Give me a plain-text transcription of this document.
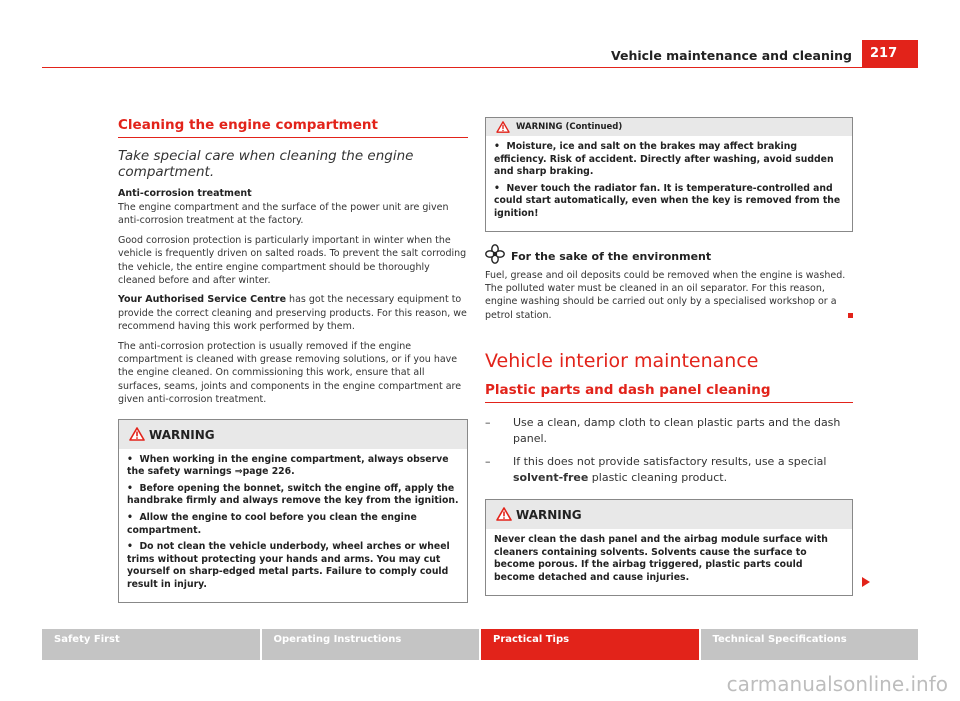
Vehicle maintenance and cleaning	217
Cleaning the engine compartment
Take special care when cleaning the engine compartment.
Anti-corrosion treatment

The engine compartment and the surface of the power unit are given anti-corrosion treatment at the factory.

Good corrosion protection is particularly important in winter when the vehicle is frequently driven on salted roads. To prevent the salt corroding the vehicle, the entire engine compartment should be thoroughly cleaned before and after winter.

Your Authorised Service Centre has got the necessary equipment to provide the correct cleaning and preserving products. For this reason, we recommend having this work performed by them.

The anti-corrosion protection is usually removed if the engine compartment is cleaned with grease removing solutions, or if you have the engine cleaned. On commissioning this work, ensure that all surfaces, seams, joints and components in the engine compartment are given anti-corrosion treatment.

WARNING

• When working in the engine compartment, always observe the safety warnings ⇒page 226.

• Before opening the bonnet, switch the engine off, apply the handbrake firmly and always remove the key from the ignition.

• Allow the engine to cool before you clean the engine compartment.

• Do not clean the vehicle underbody, wheel arches or wheel trims without protecting your hands and arms. You may cut yourself on sharp-edged metal parts. Failure to comply could result in injury.

WARNING (Continued)

• Moisture, ice and salt on the brakes may affect braking efficiency. Risk of accident. Directly after washing, avoid sudden and sharp braking.

• Never touch the radiator fan. It is temperature-controlled and could start automatically, even when the key is removed from the ignition!

For the sake of the environment

Fuel, grease and oil deposits could be removed when the engine is washed. The polluted water must be cleaned in an oil separator. For this reason, engine washing should be carried out only by a specialised workshop or a petrol station.

Vehicle interior maintenance
Plastic parts and dash panel cleaning
– Use a clean, damp cloth to clean plastic parts and the dash panel.
– If this does not provide satisfactory results, use a special solvent-free plastic cleaning product.
WARNING

Never clean the dash panel and the airbag module surface with cleaners containing solvents. Solvents cause the surface to become porous. If the airbag triggered, plastic parts could become detached and cause injuries.

Safety First	Operating Instructions	Practical Tips	Technical Specifications
carmanualsonline.info
